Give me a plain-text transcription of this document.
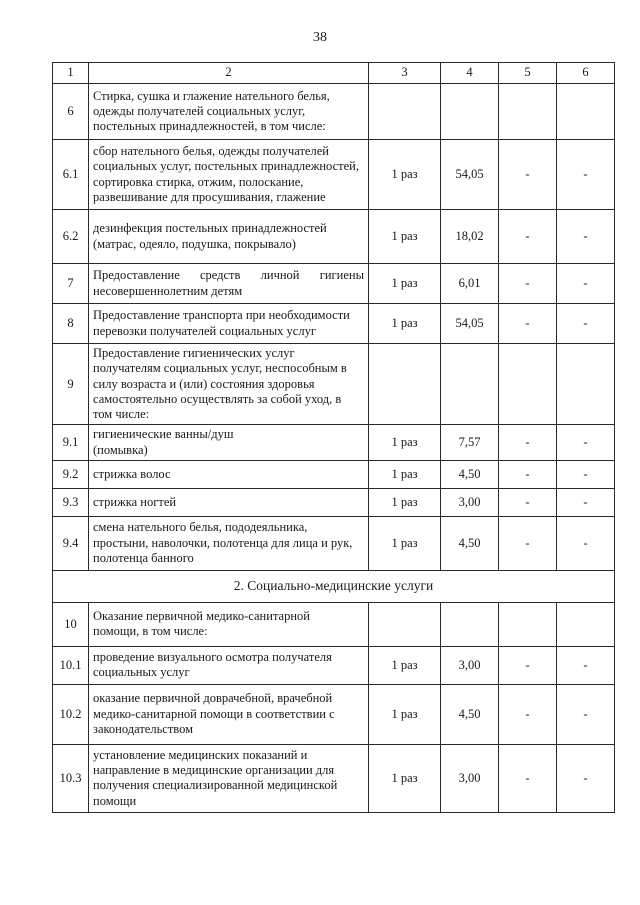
38
1	2	3	4	5	6
6	Стирка, сушка и глажение нательного белья,
одежды получателей социальных услуг,
постельных принадлежностей, в том числе:				

6.1	сбор нательного белья, одежды получателей
социальных услуг, постельных принадлежностей,
сортировка стирка, отжим, полоскание,
развешивание для просушивания, глажение	1 раз	54,05	-	-
6.2	дезинфекция постельных принадлежностей
(матрас, одеяло, подушка, покрывало)	1 раз	18,02	-	-
7	Предоставление средств личной гигиены
несовершеннолетним детям	1 раз	6,01	-	-
8	Предоставление транспорта при необходимости
перевозки получателей социальных услуг	1 раз	54,05	-	-
9	Предоставление гигиенических услуг
получателям социальных услуг, неспособным в
силу возраста и (или) состояния здоровья
самостоятельно осуществлять за собой уход, в
том числе:				

9.1	гигиенические ванны/душ
(помывка)	1 раз	7,57	-	-
9.2	стрижка волос	1 раз	4,50	-	-
9.3	стрижка ногтей	1 раз	3,00	-	-
9.4	смена нательного белья, пододеяльника,
простыни, наволочки, полотенца для лица и рук,
полотенца банного	1 раз	4,50	-	-
2. Социально-медицинские услуги					
10	Оказание первичной медико-санитарной
помощи, в том числе:				

10.1	проведение визуального осмотра получателя
социальных услуг	1 раз	3,00	-	-
10.2	оказание первичной доврачебной, врачебной
медико-санитарной помощи в соответствии с
законодательством	1 раз	4,50	-	-
10.3	установление медицинских показаний и
направление в медицинские организации для
получения специализированной медицинской
помощи	1 раз	3,00	-	-
